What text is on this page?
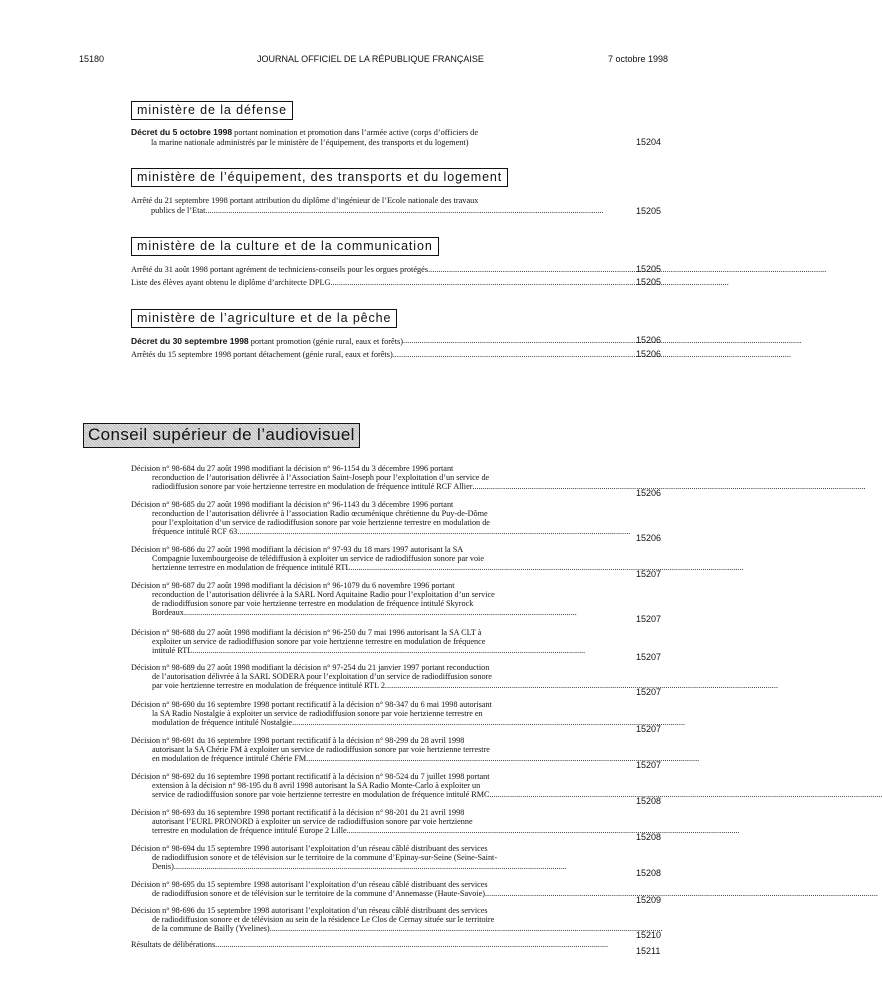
15180	JOURNAL OFFICIEL DE LA RÉPUBLIQUE FRANÇAISE	7 octobre 1998
ministère de la défense
Décret du 5 octobre 1998 portant nomination et promotion dans l’armée active (corps d’officiers de
la marine nationale administrés par le ministère de l’équipement, des transports et du logement)	15204
ministère de l’équipement, des transports et du logement
Arrêté du 21 septembre 1998 portant attribution du diplôme d’ingénieur de l’Ecole nationale des travaux
publics de l’Etat .....	15205
ministère de la culture et de la communication
Arrêté du 31 août 1998 portant agrément de techniciens-conseils pour les orgues protégés .....	15205
Liste des élèves ayant obtenu le diplôme d’architecte DPLG .....	15205
ministère de l’agriculture et de la pêche
Décret du 30 septembre 1998 portant promotion (génie rural, eaux et forêts) .....	15206
Arrêtés du 15 septembre 1998 portant détachement (génie rural, eaux et forêts) .....	15206
Conseil supérieur de l’audiovisuel
Décision n° 98-684 du 27 août 1998 modifiant la décision n° 96-1154 du 3 décembre 1996 portant
reconduction de l’autorisation délivrée à l’Association Saint-Joseph pour l’exploitation d’un service de
radiodiffusion sonore par voie hertzienne terrestre en modulation de fréquence intitulé RCF Allier
.....
15206
Décision n° 98-685 du 27 août 1998 modifiant la décision n° 96-1143 du 3 décembre 1996 portant
reconduction de l’autorisation délivrée à l’association Radio œcuménique chrétienne du Puy-de-Dôme
pour l’exploitation d’un service de radiodiffusion sonore par voie hertzienne terrestre en modulation de
fréquence intitulé RCF 63
.....
15206
Décision n° 98-686 du 27 août 1998 modifiant la décision n° 97-93 du 18 mars 1997 autorisant la SA
Compagnie luxembourgeoise de télédiffusion à exploiter un service de radiodiffusion sonore par voie
hertzienne terrestre en modulation de fréquence intitulé RTL
.....
15207
Décision n° 98-687 du 27 août 1998 modifiant la décision n° 96-1079 du 6 novembre 1996 portant
reconduction de l’autorisation délivrée à la SARL Nord Aquitaine Radio pour l’exploitation d’un service
de radiodiffusion sonore par voie hertzienne terrestre en modulation de fréquence intitulé Skyrock
Bordeaux
.....
15207
Décision n° 98-688 du 27 août 1998 modifiant la décision n° 96-250 du 7 mai 1996 autorisant la SA CLT à
exploiter un service de radiodiffusion sonore par voie hertzienne terrestre en modulation de fréquence
intitulé RTL
.....
15207
Décision n° 98-689 du 27 août 1998 modifiant la décision n° 97-254 du 21 janvier 1997 portant reconduction
de l’autorisation délivrée à la SARL SODERA pour l’exploitation d’un service de radiodiffusion sonore
par voie hertzienne terrestre en modulation de fréquence intitulé RTL 2
.....
15207
Décision n° 98-690 du 16 septembre 1998 portant rectificatif à la décision n° 98-347 du 6 mai 1998 autorisant
la SA Radio Nostalgie à exploiter un service de radiodiffusion sonore par voie hertzienne terrestre en
modulation de fréquence intitulé Nostalgie
.....
15207
Décision n° 98-691 du 16 septembre 1998 portant rectificatif à la décision n° 98-299 du 28 avril 1998
autorisant la SA Chérie FM à exploiter un service de radiodiffusion sonore par voie hertzienne terrestre
en modulation de fréquence intitulé Chérie FM
.....
15207
Décision n° 98-692 du 16 septembre 1998 portant rectificatif à la décision n° 98-524 du 7 juillet 1998 portant
extension à la décision n° 98-195 du 8 avril 1998 autorisant la SA Radio Monte-Carlo à exploiter un
service de radiodiffusion sonore par voie hertzienne terrestre en modulation de fréquence intitulé RMC
.....
15208
Décision n° 98-693 du 16 septembre 1998 portant rectificatif à la décision n° 98-201 du 21 avril 1998
autorisant l’EURL PRONORD à exploiter un service de radiodiffusion sonore par voie hertzienne
terrestre en modulation de fréquence intitulé Europe 2 Lille
.....
15208
Décision n° 98-694 du 15 septembre 1998 autorisant l’exploitation d’un réseau câblé distribuant des services
de radiodiffusion sonore et de télévision sur le territoire de la commune d’Epinay-sur-Seine (Seine-Saint-
Denis)
.....
15208
Décision n° 98-695 du 15 septembre 1998 autorisant l’exploitation d’un réseau câblé distribuant des services
de radiodiffusion sonore et de télévision sur le territoire de la commune d’Annemasse (Haute-Savoie)
.....
15209
Décision n° 98-696 du 15 septembre 1998 autorisant l’exploitation d’un réseau câblé distribuant des services
de radiodiffusion sonore et de télévision au sein de la résidence Le Clos de Cernay située sur le territoire
de la commune de Bailly (Yvelines)
.....
15210
Résultats de délibérations
.....
15211
